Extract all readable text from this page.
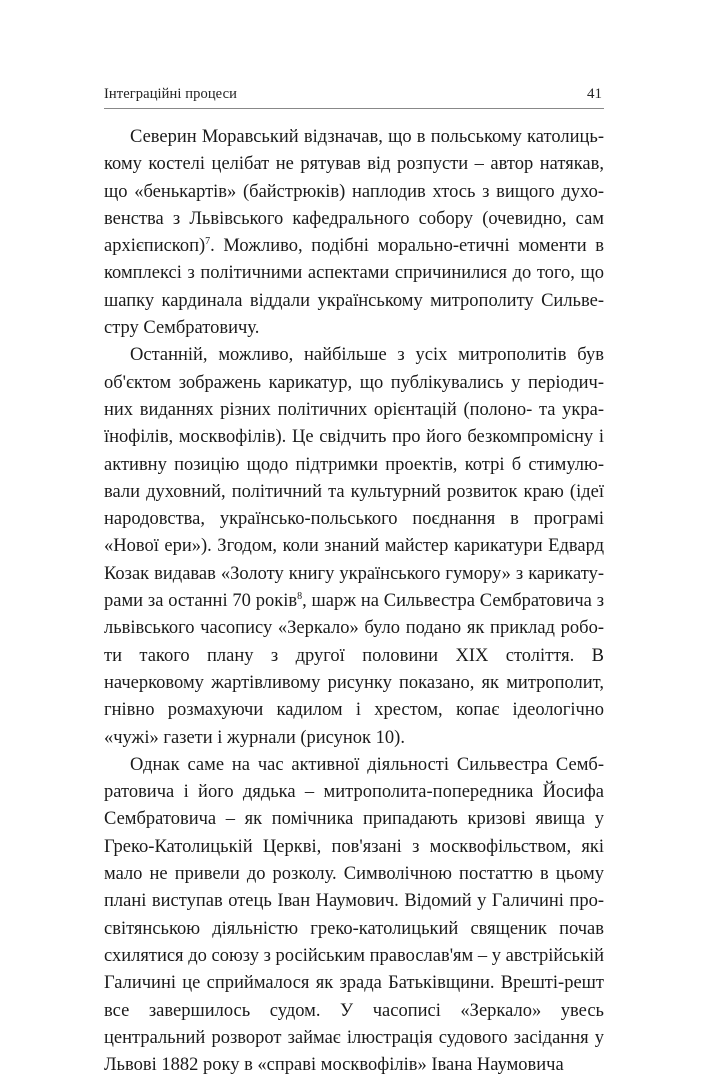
Інтеграційні процеси	41

Северин Моравський відзначав, що в польському католицькому костелі целібат не рятував від розпусти – автор натякав, що «бенькартів» (байстрюків) наплодив хтось з вищого духовенства з Львівського кафедрального собору (очевидно, сам архієпископ)$^7$. Можливо, подібні морально-етичні моменти в комплексі з політичними аспектами спричинилися до того, що шапку кардинала віддали українському митрополиту Сильвестру Сембратовичу.

Останній, можливо, найбільше з усіх митрополитів був об'єктом зображень карикатур, що публікувались у періодичних виданнях різних політичних орієнтацій (полоно- та українофілів, москвофілів). Це свідчить про його безкомпромісну і активну позицію щодо підтримки проектів, котрі б стимулювали духовний, політичний та культурний розвиток краю (ідеї народовства, українсько-польського поєднання в програмі «Нової ери»). Згодом, коли знаний майстер карикатури Едвард Козак видавав «Золоту книгу українського гумору» з карикатурами за останні 70 років$^8$, шарж на Сильвестра Сембратовича з львівського часопису «Зеркало» було подано як приклад роботи такого плану з другої половини ХІХ століття. В начерковому жартівливому рисунку показано, як митрополит, гнівно розмахуючи кадилом і хрестом, копає ідеологічно «чужі» газети і журнали (рисунок 10).

Однак саме на час активної діяльності Сильвестра Сембратовича і його дядька – митрополита-попередника Йосифа Сембратовича – як помічника припадають кризові явища у Греко-Католицькій Церкві, пов'язані з москвофільством, які мало не привели до розколу. Символічною постаттю в цьому плані виступав отець Іван Наумович. Відомий у Галичині просвітянською діяльністю греко-католицький священик почав схилятися до союзу з російським православ'ям – у австрійській Галичині це сприймалося як зрада Батьківщини. Врешті-решт все завершилось судом. У часописі «Зеркало» увесь центральний розворот займає ілюстрація судового засідання у Львові 1882 року в «справі москвофілів» Івана Наумовича
